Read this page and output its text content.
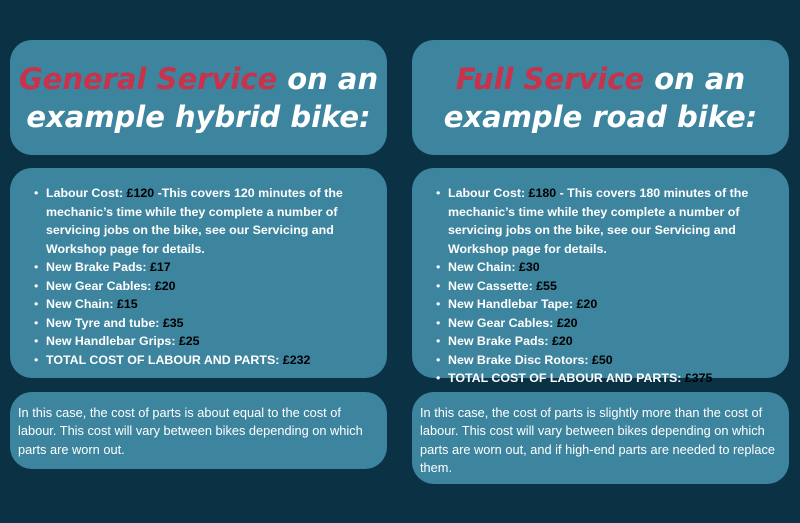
General Service on an
example hybrid bike:
• Labour Cost: £120 -This covers 120 minutes of the mechanic’s time while they complete a number of servicing jobs on the bike, see our Servicing and Workshop page for details.
• New Brake Pads: £17
• New Gear Cables: £20
• New Chain: £15
• New Tyre and tube: £35
• New Handlebar Grips: £25
• TOTAL COST OF LABOUR AND PARTS: £232
In this case, the cost of parts is about equal to the cost of labour. This cost will vary between bikes depending on which parts are worn out.
Full Service on an
example road bike:
• Labour Cost: £180 - This covers 180 minutes of the mechanic’s time while they complete a number of servicing jobs on the bike, see our Servicing and Workshop page for details.
• New Chain: £30
• New Cassette: £55
• New Handlebar Tape: £20
• New Gear Cables: £20
• New Brake Pads: £20
• New Brake Disc Rotors: £50
• TOTAL COST OF LABOUR AND PARTS: £375
In this case, the cost of parts is slightly more than the cost of labour. This cost will vary between bikes depending on which parts are worn out, and if high-end parts are needed to replace them.
